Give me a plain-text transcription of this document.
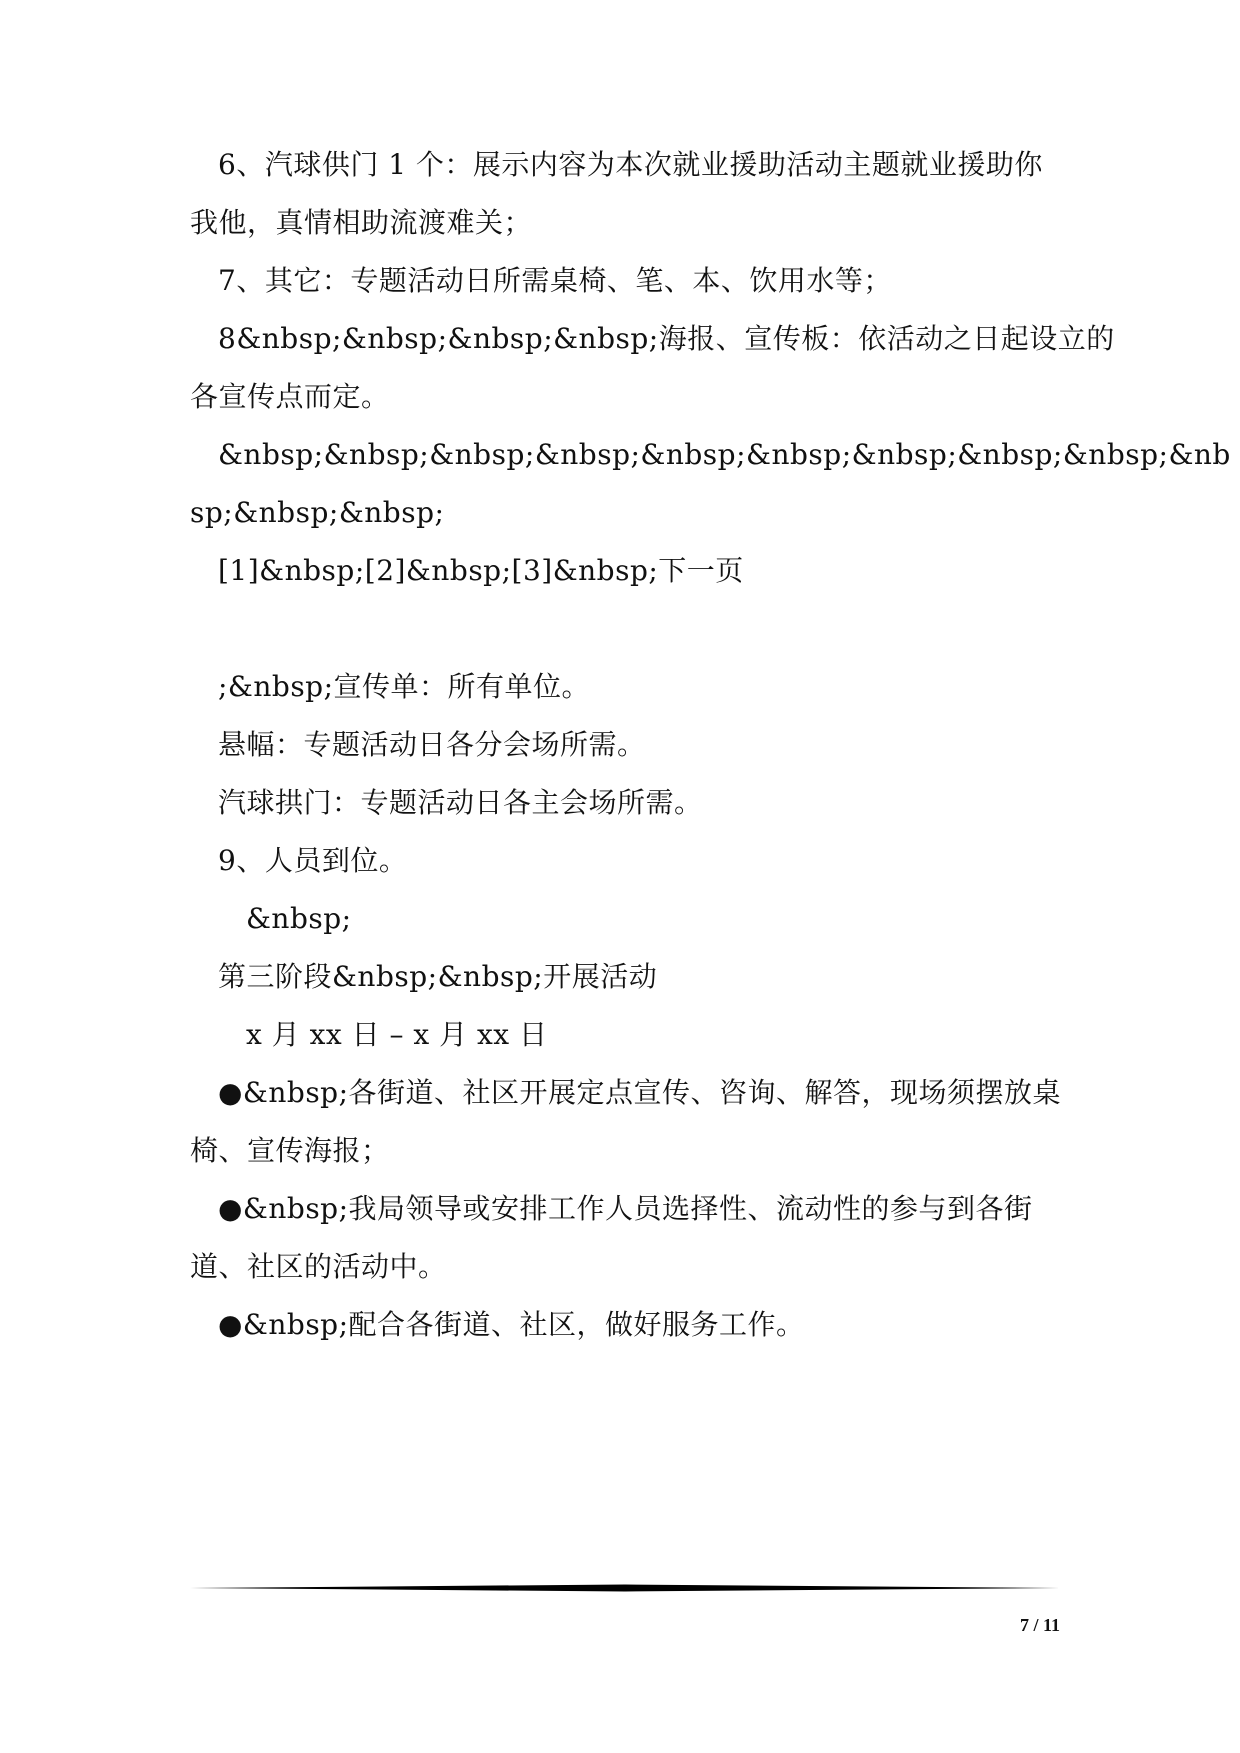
6、汽球供门 1 个：展示内容为本次就业援助活动主题就业援助你
我他，真情相助流渡难关；
7、其它：专题活动日所需桌椅、笔、本、饮用水等；
8&nbsp;&nbsp;&nbsp;&nbsp;海报、宣传板：依活动之日起设立的
各宣传点而定。
&nbsp;&nbsp;&nbsp;&nbsp;&nbsp;&nbsp;&nbsp;&nbsp;&nbsp;&nb
sp;&nbsp;&nbsp;
[1]&nbsp;[2]&nbsp;[3]&nbsp;下一页
;&nbsp;宣传单：所有单位。
悬幅：专题活动日各分会场所需。
汽球拱门：专题活动日各主会场所需。
9、人员到位。
&nbsp;
第三阶段&nbsp;&nbsp;开展活动
x 月 xx 日 – x 月 xx 日
●&nbsp;各街道、社区开展定点宣传、咨询、解答，现场须摆放桌
椅、宣传海报；
●&nbsp;我局领导或安排工作人员选择性、流动性的参与到各街
道、社区的活动中。
●&nbsp;配合各街道、社区，做好服务工作。
7 / 11
